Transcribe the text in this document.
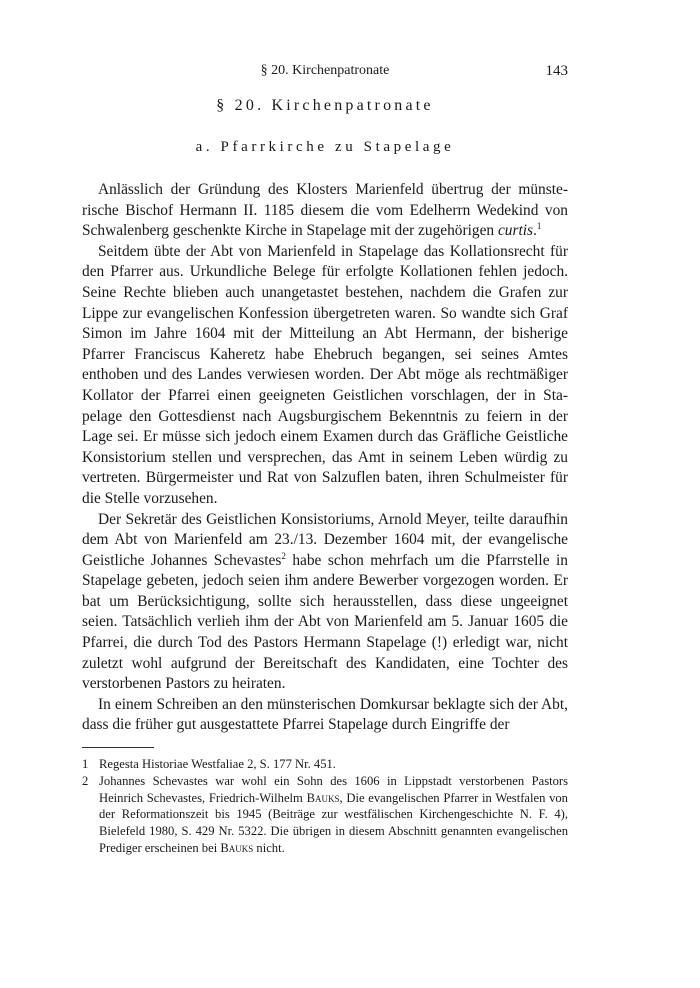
§ 20. Kirchenpatronate	143
§ 20. Kirchenpatronate
a. Pfarrkirche zu Stapelage

Anlässlich der Gründung des Klosters Marienfeld übertrug der münsterische Bischof Hermann II. 1185 diesem die vom Edelherrn Wedekind von Schwalenberg geschenkte Kirche in Stapelage mit der zugehörigen curtis.$^1$

Seitdem übte der Abt von Marienfeld in Stapelage das Kollationsrecht für den Pfarrer aus. Urkundliche Belege für erfolgte Kollationen fehlen jedoch. Seine Rechte blieben auch unangetastet bestehen, nachdem die Grafen zur Lippe zur evangelischen Konfession übergetreten waren. So wandte sich Graf Simon im Jahre 1604 mit der Mitteilung an Abt Hermann, der bisherige Pfarrer Franciscus Kaheretz habe Ehebruch begangen, sei seines Amtes enthoben und des Landes verwiesen worden. Der Abt möge als rechtmäßiger Kollator der Pfarrei einen geeigneten Geistlichen vorschlagen, der in Stapelage den Gottesdienst nach Augsburgischem Bekenntnis zu feiern in der Lage sei. Er müsse sich jedoch einem Examen durch das Gräfliche Geistliche Konsistorium stellen und versprechen, das Amt in seinem Leben würdig zu vertreten. Bürgermeister und Rat von Salzuflen baten, ihren Schulmeister für die Stelle vorzusehen.

Der Sekretär des Geistlichen Konsistoriums, Arnold Meyer, teilte daraufhin dem Abt von Marienfeld am 23./13. Dezember 1604 mit, der evangelische Geistliche Johannes Schevastes$^2$ habe schon mehrfach um die Pfarrstelle in Stapelage gebeten, jedoch seien ihm andere Bewerber vorgezogen worden. Er bat um Berücksichtigung, sollte sich herausstellen, dass diese ungeeignet seien. Tatsächlich verlieh ihm der Abt von Marienfeld am 5. Januar 1605 die Pfarrei, die durch Tod des Pastors Hermann Stapelage (!) erledigt war, nicht zuletzt wohl aufgrund der Bereitschaft des Kandidaten, eine Tochter des verstorbenen Pastors zu heiraten.

In einem Schreiben an den münsterischen Domkursar beklagte sich der Abt, dass die früher gut ausgestattete Pfarrei Stapelage durch Eingriffe der

1 Regesta Historiae Westfaliae 2, S. 177 Nr. 451.

2 Johannes Schevastes war wohl ein Sohn des 1606 in Lippstadt verstorbenen Pastors Heinrich Schevastes, Friedrich-Wilhelm Bauks, Die evangelischen Pfarrer in Westfalen von der Reformationszeit bis 1945 (Beiträge zur westfälischen Kirchengeschichte N. F. 4), Bielefeld 1980, S. 429 Nr. 5322. Die übrigen in diesem Abschnitt genannten evangelischen Prediger erscheinen bei Bauks nicht.
